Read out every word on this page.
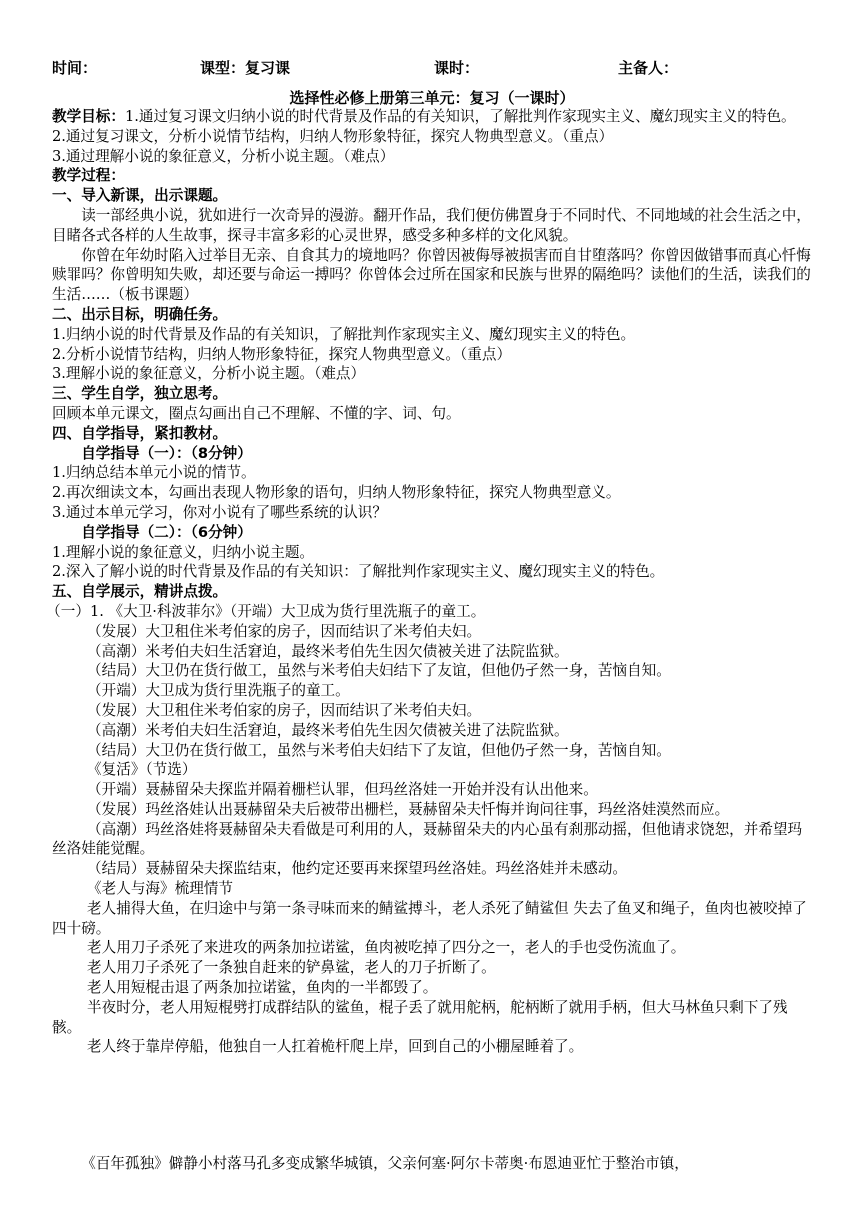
时间：	课型：复习课	课时：	主备人：
选择性必修上册第三单元：复习（一课时）

教学目标：1.通过复习课文归纳小说的时代背景及作品的有关知识，了解批判作家现实主义、魔幻现实主义的特色。

2.通过复习课文，分析小说情节结构，归纳人物形象特征，探究人物典型意义。（重点）

3.通过理解小说的象征意义，分析小说主题。（难点）

教学过程：

一、导入新课，出示课题。

读一部经典小说，犹如进行一次奇异的漫游。翻开作品，我们便仿佛置身于不同时代、不同地域的社会生活之中，目睹各式各样的人生故事，探寻丰富多彩的心灵世界，感受多种多样的文化风貌。

你曾在年幼时陷入过举目无亲、自食其力的境地吗？你曾因被侮辱被损害而自甘堕落吗？你曾因做错事而真心忏悔赎罪吗？你曾明知失败，却还要与命运一搏吗？你曾体会过所在国家和民族与世界的隔绝吗？读他们的生活，读我们的生活……（板书课题）

二、出示目标，明确任务。

1.归纳小说的时代背景及作品的有关知识，了解批判作家现实主义、魔幻现实主义的特色。

2.分析小说情节结构，归纳人物形象特征，探究人物典型意义。（重点）

3.理解小说的象征意义，分析小说主题。（难点）

三、学生自学，独立思考。

回顾本单元课文，圈点勾画出自己不理解、不懂的字、词、句。

四、自学指导，紧扣教材。

自学指导（一）：（8分钟）

1.归纳总结本单元小说的情节。

2.再次细读文本，勾画出表现人物形象的语句，归纳人物形象特征，探究人物典型意义。

3.通过本单元学习，你对小说有了哪些系统的认识？

自学指导（二）：（6分钟）

1.理解小说的象征意义，归纳小说主题。

2.深入了解小说的时代背景及作品的有关知识：了解批判作家现实主义、魔幻现实主义的特色。

五、自学展示，精讲点拨。

（一）1. 《大卫·科波菲尔》（开端）大卫成为货行里洗瓶子的童工。

（发展）大卫租住米考伯家的房子，因而结识了米考伯夫妇。

（高潮）米考伯夫妇生活窘迫，最终米考伯先生因欠债被关进了法院监狱。

（结局）大卫仍在货行做工，虽然与米考伯夫妇结下了友谊，但他仍孑然一身，苦恼自知。

（开端）大卫成为货行里洗瓶子的童工。

（发展）大卫租住米考伯家的房子，因而结识了米考伯夫妇。

（高潮）米考伯夫妇生活窘迫，最终米考伯先生因欠债被关进了法院监狱。

（结局）大卫仍在货行做工，虽然与米考伯夫妇结下了友谊，但他仍孑然一身，苦恼自知。

《复活》（节选）

（开端）聂赫留朵夫探监并隔着栅栏认罪，但玛丝洛娃一开始并没有认出他来。

（发展）玛丝洛娃认出聂赫留朵夫后被带出栅栏，聂赫留朵夫忏悔并询问往事，玛丝洛娃漠然而应。

（高潮）玛丝洛娃将聂赫留朵夫看做是可利用的人，聂赫留朵夫的内心虽有刹那动摇，但他请求饶恕，并希望玛丝洛娃能觉醒。

（结局）聂赫留朵夫探监结束，他约定还要再来探望玛丝洛娃。玛丝洛娃并未感动。

《老人与海》梳理情节

老人捕得大鱼，在归途中与第一条寻味而来的鲭鲨搏斗，老人杀死了鲭鲨但 失去了鱼叉和绳子，鱼肉也被咬掉了四十磅。

老人用刀子杀死了来进攻的两条加拉诺鲨，鱼肉被吃掉了四分之一，老人的手也受伤流血了。

老人用刀子杀死了一条独自赶来的铲鼻鲨，老人的刀子折断了。

老人用短棍击退了两条加拉诺鲨，鱼肉的一半都毁了。

半夜时分，老人用短棍劈打成群结队的鲨鱼，棍子丢了就用舵柄，舵柄断了就用手柄，但大马林鱼只剩下了残骸。

老人终于靠岸停船，他独自一人扛着桅杆爬上岸，回到自己的小棚屋睡着了。

《百年孤独》僻静小村落马孔多变成繁华城镇，父亲何塞·阿尔卡蒂奥·布恩迪亚忙于整治市镇，
